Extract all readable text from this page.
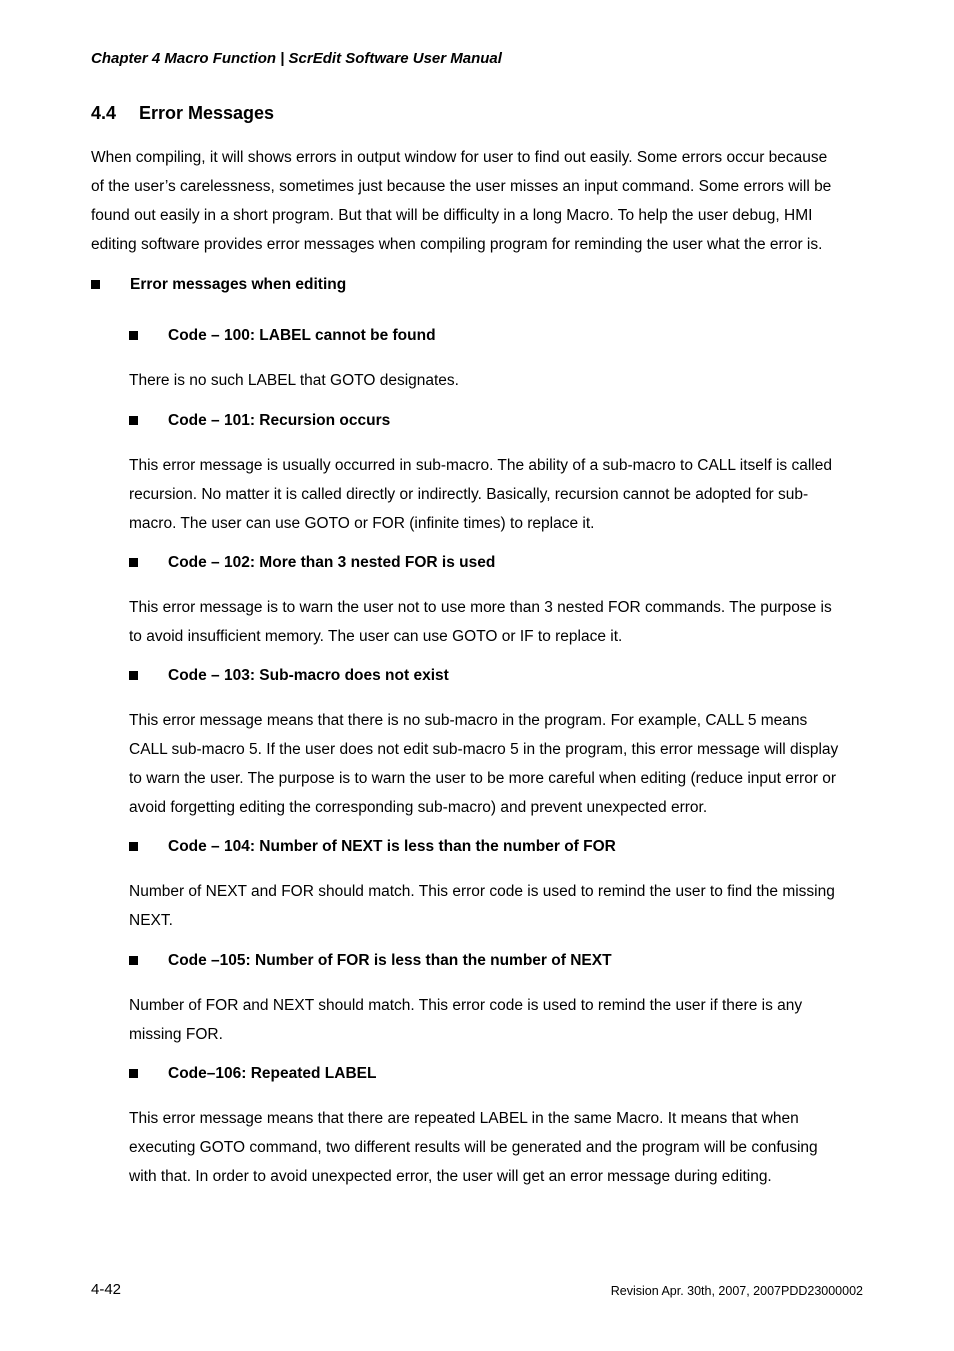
Chapter 4 Macro Function | ScrEdit Software User Manual
4.4 Error Messages
When compiling, it will shows errors in output window for user to find out easily. Some errors occur because
of the user’s carelessness, sometimes just because the user misses an input command. Some errors will be
found out easily in a short program. But that will be difficulty in a long Macro. To help the user debug, HMI
editing software provides error messages when compiling program for reminding the user what the error is.
Error messages when editing
Code – 100: LABEL cannot be found
There is no such LABEL that GOTO designates.
Code – 101: Recursion occurs
This error message is usually occurred in sub-macro. The ability of a sub-macro to CALL itself is called
recursion. No matter it is called directly or indirectly. Basically, recursion cannot be adopted for sub-
macro. The user can use GOTO or FOR (infinite times) to replace it.
Code – 102: More than 3 nested FOR is used
This error message is to warn the user not to use more than 3 nested FOR commands. The purpose is
to avoid insufficient memory. The user can use GOTO or IF to replace it.
Code – 103: Sub-macro does not exist
This error message means that there is no sub-macro in the program. For example, CALL 5 means
CALL sub-macro 5. If the user does not edit sub-macro 5 in the program, this error message will display
to warn the user. The purpose is to warn the user to be more careful when editing (reduce input error or
avoid forgetting editing the corresponding sub-macro) and prevent unexpected error.
Code – 104: Number of NEXT is less than the number of FOR
Number of NEXT and FOR should match. This error code is used to remind the user to find the missing
NEXT.
Code –105: Number of FOR is less than the number of NEXT
Number of FOR and NEXT should match. This error code is used to remind the user if there is any
missing FOR.
Code–106: Repeated LABEL
This error message means that there are repeated LABEL in the same Macro. It means that when
executing GOTO command, two different results will be generated and the program will be confusing
with that. In order to avoid unexpected error, the user will get an error message during editing.
4-42	Revision Apr. 30th, 2007, 2007PDD23000002
